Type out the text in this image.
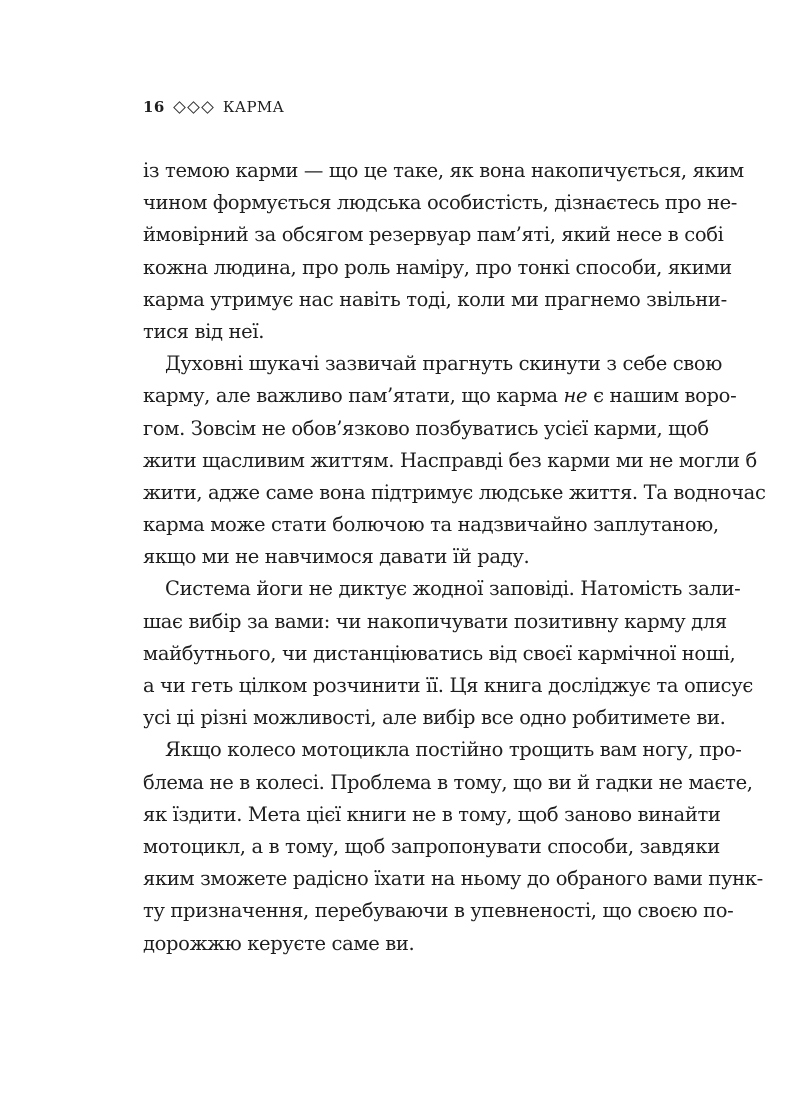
16	КАРМА
із темою карми — що це таке, як вона накопичується, яким
чином формується людська особистість, дізнаєтесь про не-
ймовірний за обсягом резервуар пам’яті, який несе в собі
кожна людина, про роль наміру, про тонкі способи, якими
карма утримує нас навіть тоді, коли ми прагнемо звільни-
тися від неї.
Духовні шукачі зазвичай прагнуть скинути з себе свою
карму, але важливо пам’ятати, що карма не є нашим воро-
гом. Зовсім не обов’язково позбуватись усієї карми, щоб
жити щасливим життям. Насправді без карми ми не могли б
жити, адже саме вона підтримує людське життя. Та водночас
карма може стати болючою та надзвичайно заплутаною,
якщо ми не навчимося давати їй раду.
Система йоги не диктує жодної заповіді. Натомість зали-
шає вибір за вами: чи накопичувати позитивну карму для
майбутнього, чи дистанціюватись від своєї кармічної ноші,
а чи геть цілком розчинити її. Ця книга досліджує та описує
усі ці різні можливості, але вибір все одно робитимете ви.
Якщо колесо мотоцикла постійно трощить вам ногу, про-
блема не в колесі. Проблема в тому, що ви й гадки не маєте,
як їздити. Мета цієї книги не в тому, щоб заново винайти
мотоцикл, а в тому, щоб запропонувати способи, завдяки
яким зможете радісно їхати на ньому до обраного вами пунк-
ту призначення, перебуваючи в упевненості, що своєю по-
дорожжю керуєте саме ви.
